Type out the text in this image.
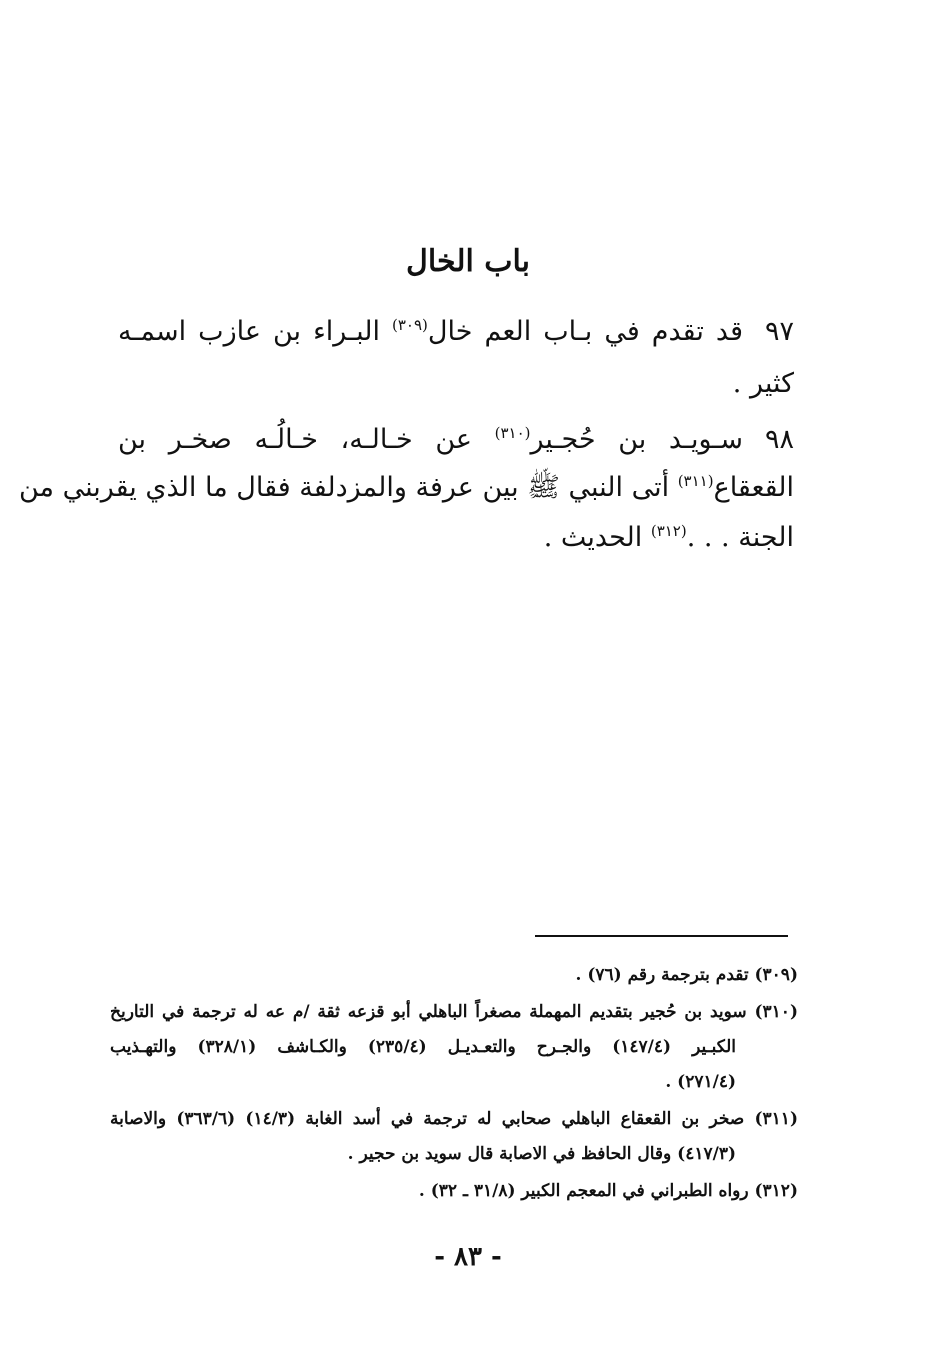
باب الخال
٩٧قد تقدم في بـاب العم خال$^{(٣٠٩)}$ البـراء بن عازب اسمـه
كثير .
٩٨سـويـد بن حُجـير$^{(٣١٠)}$ عن خـالـه، خـالُـه صخـر بن
القعقاع$^{(٣١١)}$ أتى النبي ﷺ بين عرفة والمزدلفة فقال ما الذي يقربني من
الجنة . . .$^{(٣١٢)}$ الحديث .
(٣٠٩) تقدم بترجمة رقم (٧٦) .
(٣١٠) سويد بن حُجير بتقديم المهملة مصغراً الباهلي أبو قزعه ثقة /م عه له ترجمة في التاريخ
الكبـير (١٤٧/٤) والجـرح والتعـديـل (٢٣٥/٤) والكـاشف (٣٢٨/١) والتهـذيب
(٢٧١/٤) .
(٣١١) صخر بن القعقاع الباهلي صحابي له ترجمة في أسد الغابة (١٤/٣) (٣٦٣/٦) والاصابة
(٤١٧/٣) وقال الحافظ في الاصابة قال سويد بن حجير .
(٣١٢) رواه الطبراني في المعجم الكبير (٣١/٨ ـ ٣٢) .
- ٨٣ -
